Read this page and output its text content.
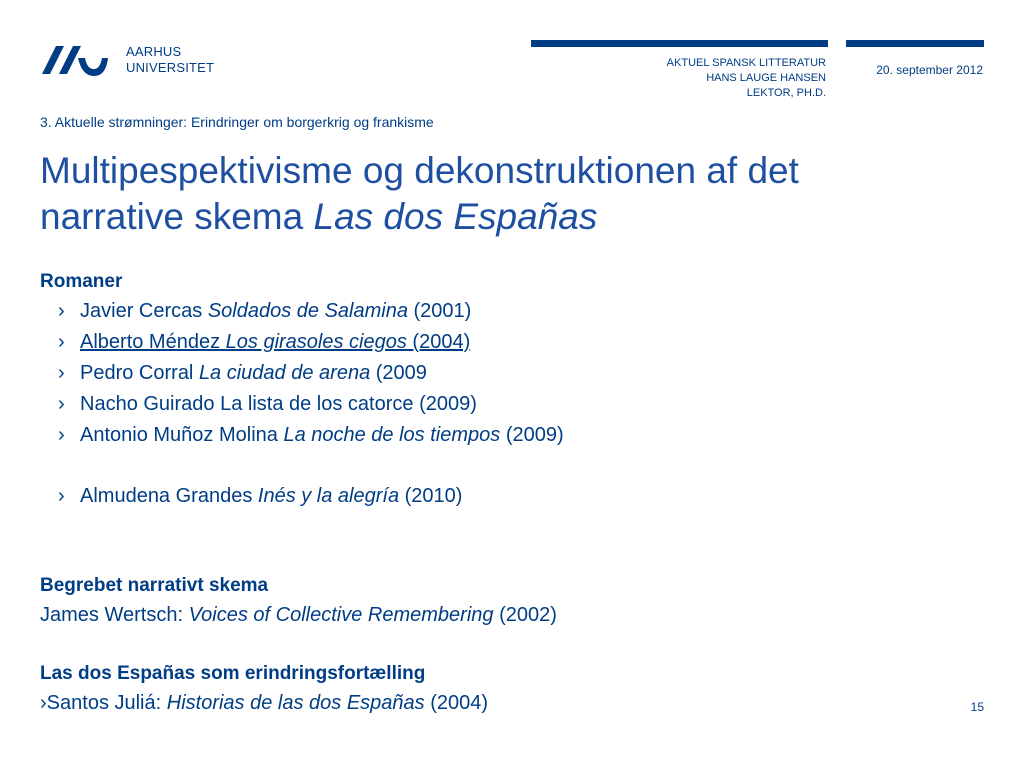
AARHUS
UNIVERSITET	AKTUEL SPANSK LITTERATUR
HANS LAUGE HANSEN
LEKTOR, PH.D.
20. september 2012
3. Aktuelle strømninger: Erindringer om borgerkrig og frankisme
Multipespektivisme og dekonstruktionen af det
narrative skema Las dos Españas
Romaner
› Javier Cercas Soldados de Salamina (2001)
› Alberto Méndez Los girasoles ciegos (2004)
› Pedro Corral La ciudad de arena (2009
› Nacho Guirado La lista de los catorce (2009)
› Antonio Muñoz Molina La noche de los tiempos (2009)
› Almudena Grandes Inés y la alegría (2010)
Begrebet narrativt skema
James Wertsch: Voices of Collective Remembering (2002)
Las dos Españas som erindringsfortælling
›Santos Juliá: Historias de las dos Españas (2004)	15
